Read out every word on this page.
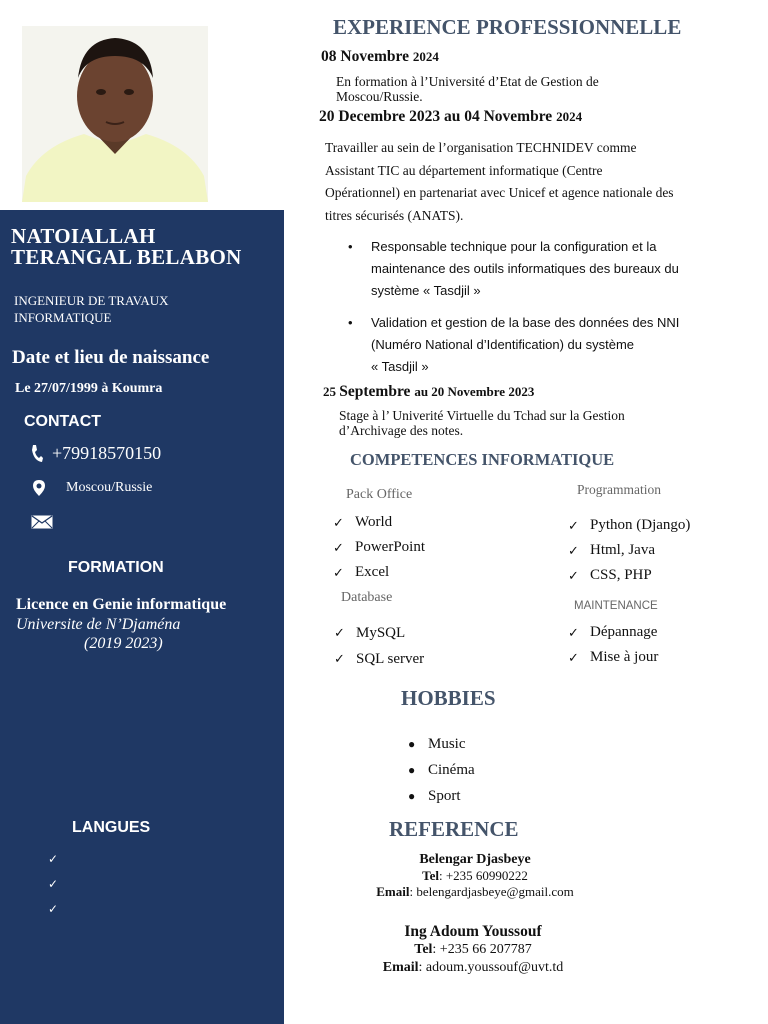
NATOIALLAH
TERANGAL BELABON
INGENIEUR DE TRAVAUX
INFORMATIQUE
Date et lieu de naissance
Le 27/07/1999 à Koumra
CONTACT
+79918570150
Moscou/Russie
FORMATION
Licence en Genie informatique
Universite de N’Djaména
(2019 2023)
LANGUES
✓
✓
✓
EXPERIENCE PROFESSIONNELLE
08 Novembre 2024
En formation à l’Université d’Etat de Gestion de
Moscou/Russie.
20 Decembre 2023 au 04 Novembre 2024
Travailler au sein de l’organisation TECHNIDEV comme
Assistant TIC au département informatique (Centre
Opérationnel) en partenariat avec Unicef et agence nationale des
titres sécurisés (ANATS).
• Responsable technique pour la configuration et la
maintenance des outils informatiques des bureaux du
système « Tasdjil »
• Validation et gestion de la base des données des NNI
(Numéro National d’Identification) du système
« Tasdjil »
25 Septembre au 20 Novembre 2023
Stage à l’ Univerité Virtuelle du Tchad sur la Gestion
d’Archivage des notes.
COMPETENCES INFORMATIQUE
Pack Office
✓ World
✓ PowerPoint
✓ Excel
Database
✓ MySQL
✓ SQL server
Programmation
✓ Python (Django)
✓ Html, Java
✓ CSS, PHP
MAINTENANCE
✓ Dépannage
✓ Mise à jour
HOBBIES
● Music
● Cinéma
● Sport
REFERENCE
Belengar Djasbeye
Tel: +235 60990222
Email: belengardjasbeye@gmail.com
Ing Adoum Youssouf
Tel: +235 66 207787
Email: adoum.youssouf@uvt.td
